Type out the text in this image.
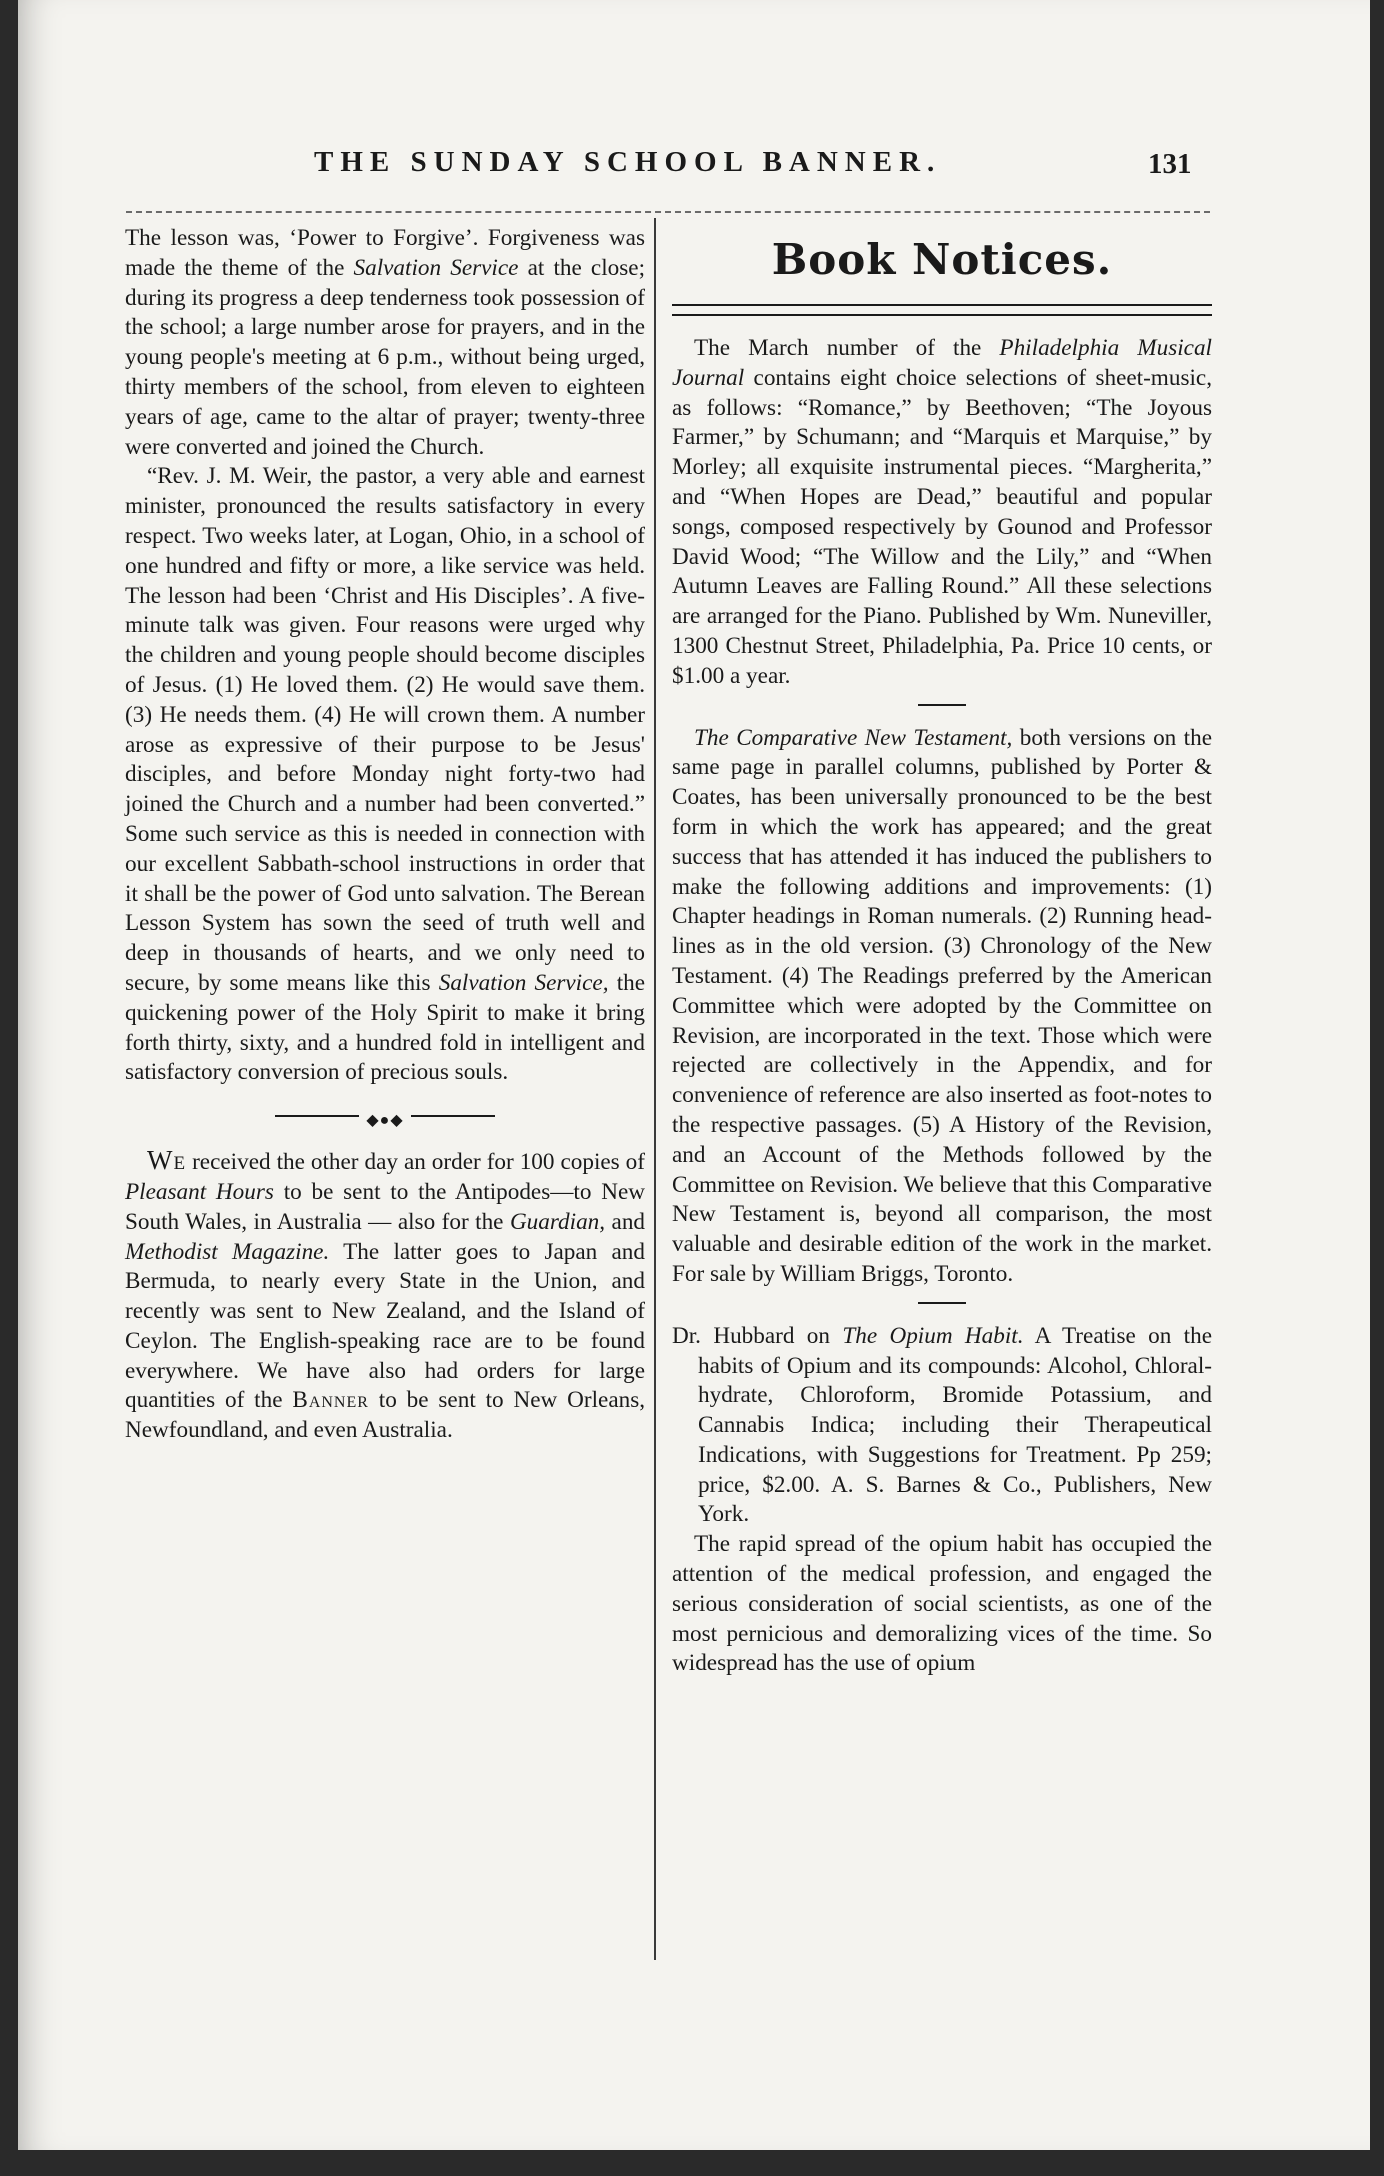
THE SUNDAY SCHOOL BANNER.	131

The lesson was, ‘Power to Forgive’. Forgiveness was made the theme of the Salvation Service at the close; during its progress a deep tenderness took possession of the school; a large number arose for prayers, and in the young people's meeting at 6 p.m., without being urged, thirty members of the school, from eleven to eighteen years of age, came to the altar of prayer; twenty-three were converted and joined the Church.

“Rev. J. M. Weir, the pastor, a very able and earnest minister, pronounced the results satisfactory in every respect. Two weeks later, at Logan, Ohio, in a school of one hundred and fifty or more, a like service was held. The lesson had been ‘Christ and His Disciples’. A five-minute talk was given. Four reasons were urged why the children and young people should become disciples of Jesus. (1) He loved them. (2) He would save them. (3) He needs them. (4) He will crown them. A number arose as expressive of their purpose to be Jesus' disciples, and before Monday night forty-two had joined the Church and a number had been converted.” Some such service as this is needed in connection with our excellent Sabbath-school instructions in order that it shall be the power of God unto salvation. The Berean Lesson System has sown the seed of truth well and deep in thousands of hearts, and we only need to secure, by some means like this Salvation Service, the quickening power of the Holy Spirit to make it bring forth thirty, sixty, and a hundred fold in intelligent and satisfactory conversion of precious souls.

◆●◆

We received the other day an order for 100 copies of Pleasant Hours to be sent to the Antipodes—to New South Wales, in Australia — also for the Guardian, and Methodist Magazine. The latter goes to Japan and Bermuda, to nearly every State in the Union, and recently was sent to New Zealand, and the Island of Ceylon. The English-speaking race are to be found everywhere. We have also had orders for large quantities of the Banner to be sent to New Orleans, Newfoundland, and even Australia.

Book Notices.

The March number of the Philadelphia Musical Journal contains eight choice selections of sheet-music, as follows: “Romance,” by Beethoven; “The Joyous Farmer,” by Schumann; and “Marquis et Marquise,” by Morley; all exquisite instrumental pieces. “Margherita,” and “When Hopes are Dead,” beautiful and popular songs, composed respectively by Gounod and Professor David Wood; “The Willow and the Lily,” and “When Autumn Leaves are Falling Round.” All these selections are arranged for the Piano. Published by Wm. Nuneviller, 1300 Chestnut Street, Philadelphia, Pa. Price 10 cents, or $1.00 a year.

The Comparative New Testament, both versions on the same page in parallel columns, published by Porter & Coates, has been universally pronounced to be the best form in which the work has appeared; and the great success that has attended it has induced the publishers to make the following additions and improvements: (1) Chapter headings in Roman numerals. (2) Running head-lines as in the old version. (3) Chronology of the New Testament. (4) The Readings preferred by the American Committee which were adopted by the Committee on Revision, are incorporated in the text. Those which were rejected are collectively in the Appendix, and for convenience of reference are also inserted as foot-notes to the respective passages. (5) A History of the Revision, and an Account of the Methods followed by the Committee on Revision. We believe that this Comparative New Testament is, beyond all comparison, the most valuable and desirable edition of the work in the market. For sale by William Briggs, Toronto.

Dr. Hubbard on The Opium Habit. A Treatise on the habits of Opium and its compounds: Alcohol, Chloral-hydrate, Chloroform, Bromide Potassium, and Cannabis Indica; including their Therapeutical Indications, with Suggestions for Treatment. Pp 259; price, $2.00. A. S. Barnes & Co., Publishers, New York.

The rapid spread of the opium habit has occupied the attention of the medical profession, and engaged the serious consideration of social scientists, as one of the most pernicious and demoralizing vices of the time. So widespread has the use of opium
